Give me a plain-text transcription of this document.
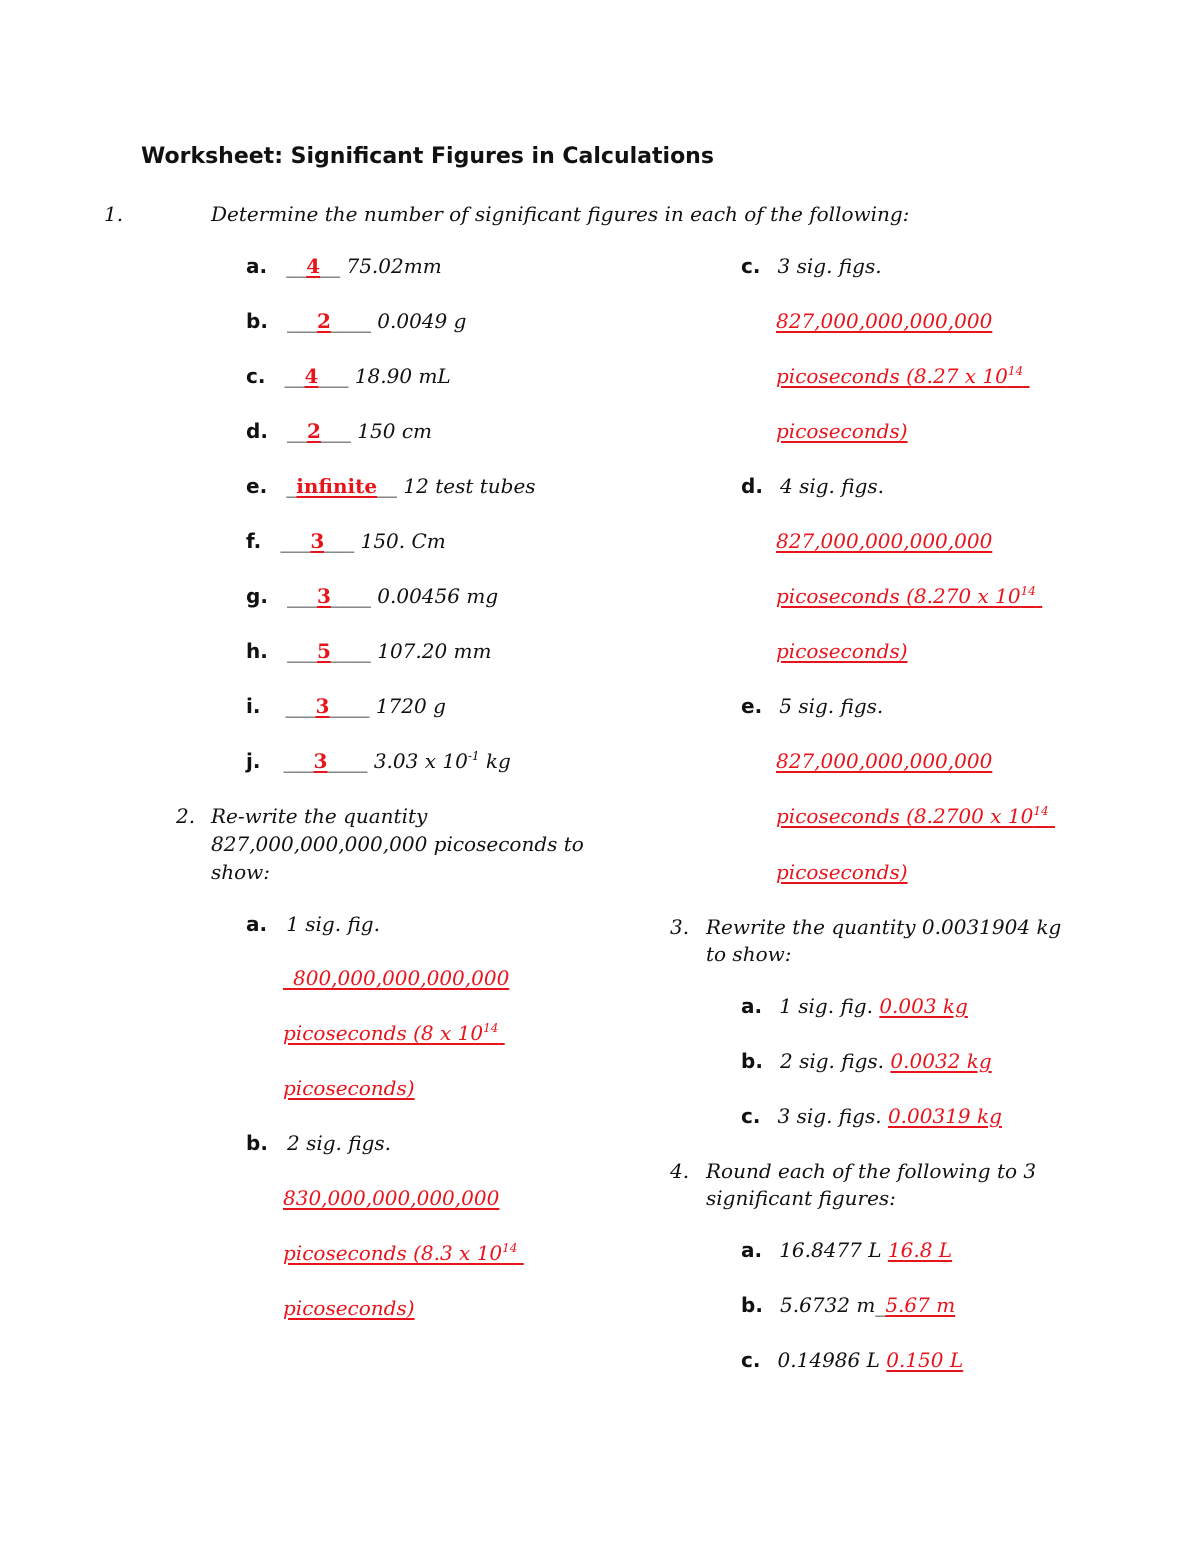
Worksheet: Significant Figures in Calculations
1.	Determine the number of significant figures in each of the following:
a. __4__ 75.02mm
b. ___2____ 0.0049 g
c. __4___ 18.90 mL
d. __2___ 150 cm
e. _infinite__ 12 test tubes
f. ___3___ 150. Cm
g. ___3____ 0.00456 mg
h. ___5____ 107.20 mm
i. ___3____ 1720 g
j. ___3____ 3.03 x $10^{-1}$ kg
2. Re-write the quantity
827,000,000,000,000 picoseconds to
show:
a. 1 sig. fig.
_800,000,000,000,000
picoseconds (8 x $10^{14}$
picoseconds)
b. 2 sig. figs.
830,000,000,000,000
picoseconds (8.3 x $10^{14}$
picoseconds)
c. 3 sig. figs.
827,000,000,000,000
picoseconds (8.27 x $10^{14}$
picoseconds)
d. 4 sig. figs.
827,000,000,000,000
picoseconds (8.270 x $10^{14}$
picoseconds)
e. 5 sig. figs.
827,000,000,000,000
picoseconds (8.2700 x $10^{14}$
picoseconds)
3. Rewrite the quantity 0.0031904 kg
to show:
a. 1 sig. fig. 0.003 kg
b. 2 sig. figs. 0.0032 kg
c. 3 sig. figs. 0.00319 kg
4. Round each of the following to 3
significant figures:
a. 16.8477 L 16.8 L
b. 5.6732 m_5.67 m
c. 0.14986 L 0.150 L
